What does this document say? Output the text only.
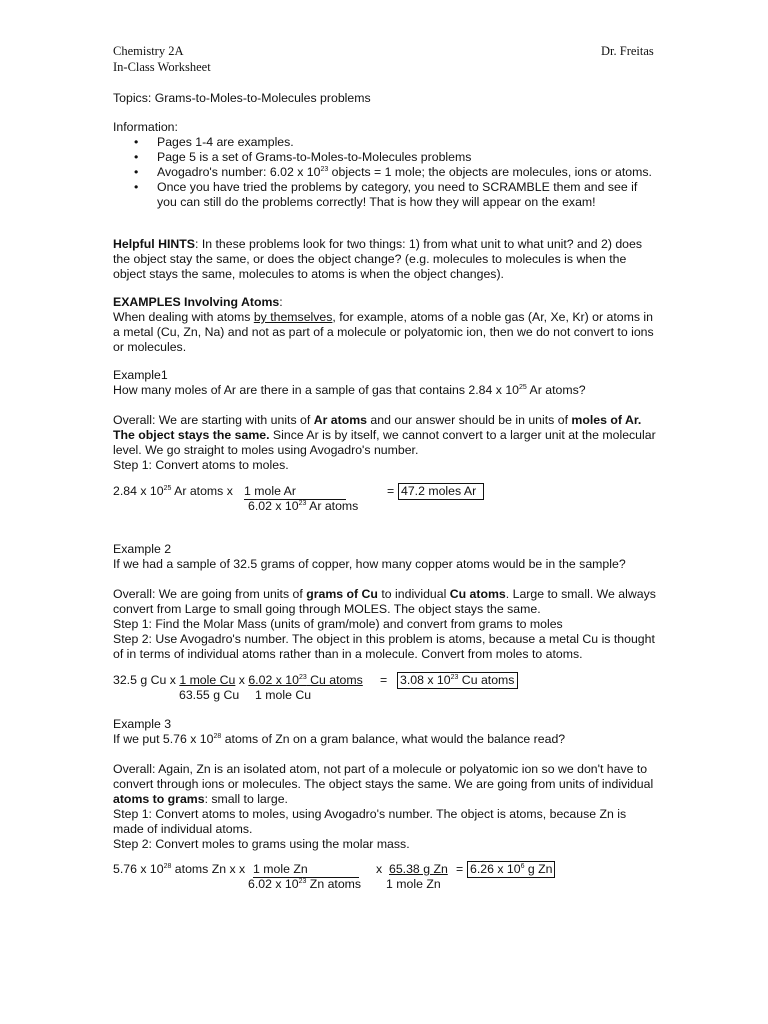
Chemistry 2A
In-Class Worksheet
Dr. Freitas
Topics: Grams-to-Moles-to-Molecules problems

Information:

• Pages 1-4 are examples.
• Page 5 is a set of Grams-to-Moles-to-Molecules problems
• Avogadro's number: 6.02 x $10^{23}$ objects = 1 mole; the objects are molecules, ions or atoms.
• Once you have tried the problems by category, you need to SCRAMBLE them and see if you can still do the problems correctly! That is how they will appear on the exam!

Helpful HINTS: In these problems look for two things: 1) from what unit to what unit? and 2) does the object stay the same, or does the object change? (e.g. molecules to molecules is when the object stays the same, molecules to atoms is when the object changes).

EXAMPLES Involving Atoms:

When dealing with atoms by themselves, for example, atoms of a noble gas (Ar, Xe, Kr) or atoms in a metal (Cu, Zn, Na) and not as part of a molecule or polyatomic ion, then we do not convert to ions or molecules.

Example1

How many moles of Ar are there in a sample of gas that contains 2.84 x $10^{25}$ Ar atoms?

Overall: We are starting with units of Ar atoms and our answer should be in units of moles of Ar. The object stays the same. Since Ar is by itself, we cannot convert to a larger unit at the molecular level. We go straight to moles using Avogadro's number.

Step 1: Convert atoms to moles.

2.84 x $10^{25}$ Ar atoms x 1 mole Ar
6.02 x $10^{23}$ Ar atoms
= 47.2 moles Ar

Example 2

If we had a sample of 32.5 grams of copper, how many copper atoms would be in the sample?

Overall: We are going from units of grams of Cu to individual Cu atoms. Large to small. We always convert from Large to small going through MOLES. The object stays the same.

Step 1: Find the Molar Mass (units of gram/mole) and convert from grams to moles

Step 2: Use Avogadro's number. The object in this problem is atoms, because a metal Cu is thought of in terms of individual atoms rather than in a molecule. Convert from moles to atoms.

32.5 g Cu x 1 mole Cu x 6.02 x $10^{23}$ Cu atoms
63.55 g Cu 1 mole Cu
= 3.08 x $10^{23}$ Cu atoms

Example 3

If we put 5.76 x $10^{28}$ atoms of Zn on a gram balance, what would the balance read?

Overall: Again, Zn is an isolated atom, not part of a molecule or polyatomic ion so we don't have to convert through ions or molecules. The object stays the same. We are going from units of individual atoms to grams: small to large.

Step 1: Convert atoms to moles, using Avogadro's number. The object is atoms, because Zn is made of individual atoms.

Step 2: Convert moles to grams using the molar mass.

5.76 x $10^{28}$ atoms Zn x x 1 mole Zn
6.02 x $10^{23}$ Zn atoms
x 65.38 g Zn
1 mole Zn
= 6.26 x $10^6$ g Zn
